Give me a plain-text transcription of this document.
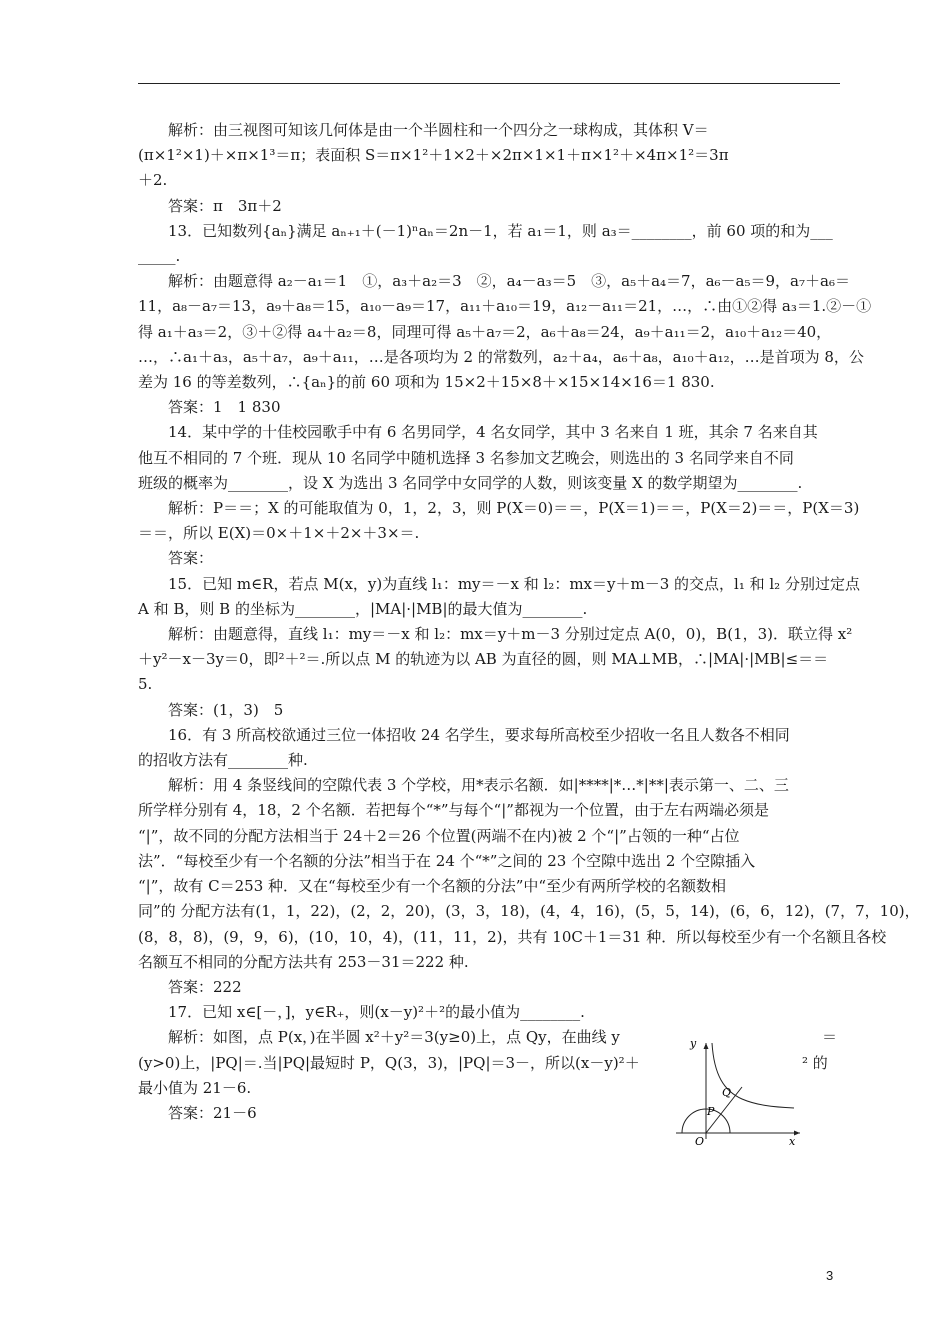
解析：由三视图可知该几何体是由一个半圆柱和一个四分之一球构成，其体积 V＝

(π×1²×1)＋×π×1³＝π；表面积 S＝π×1²＋1×2＋×2π×1×1＋π×1²＋×4π×1²＝3π

＋2.

答案：π　3π＋2

13．已知数列{aₙ}满足 aₙ₊₁＋(－1)ⁿaₙ＝2n－1，若 a₁＝1，则 a₃＝________，前 60 项的和为___

_____.

解析：由题意得 a₂－a₁＝1　①，a₃＋a₂＝3　②，a₄－a₃＝5　③，a₅＋a₄＝7，a₆－a₅＝9，a₇＋a₆＝

11，a₈－a₇＝13，a₉＋a₈＝15，a₁₀－a₉＝17，a₁₁＋a₁₀＝19，a₁₂－a₁₁＝21，…，∴由①②得 a₃＝1.②－①

得 a₁＋a₃＝2，③＋②得 a₄＋a₂＝8，同理可得 a₅＋a₇＝2，a₆＋a₈＝24，a₉＋a₁₁＝2，a₁₀＋a₁₂＝40，

…，∴a₁＋a₃，a₅＋a₇，a₉＋a₁₁，…是各项均为 2 的常数列，a₂＋a₄，a₆＋a₈，a₁₀＋a₁₂，…是首项为 8，公

差为 16 的等差数列，∴{aₙ}的前 60 项和为 15×2＋15×8＋×15×14×16＝1 830.

答案：1　1 830

14．某中学的十佳校园歌手中有 6 名男同学，4 名女同学，其中 3 名来自 1 班，其余 7 名来自其

他互不相同的 7 个班．现从 10 名同学中随机选择 3 名参加文艺晚会，则选出的 3 名同学来自不同

班级的概率为________，设 X 为选出 3 名同学中女同学的人数，则该变量 X 的数学期望为________.

解析：P＝＝；X 的可能取值为 0，1，2，3，则 P(X＝0)＝＝，P(X＝1)＝＝，P(X＝2)＝＝，P(X＝3)

＝＝，所以 E(X)＝0×＋1×＋2×＋3×＝.

答案：

15．已知 m∈R，若点 M(x，y)为直线 l₁：my＝－x 和 l₂：mx＝y＋m－3 的交点，l₁ 和 l₂ 分别过定点

A 和 B，则 B 的坐标为________，|MA|·|MB|的最大值为________.

解析：由题意得，直线 l₁：my＝－x 和 l₂：mx＝y＋m－3 分别过定点 A(0，0)，B(1，3)．联立得 x²

＋y²－x－3y＝0，即²＋²＝.所以点 M 的轨迹为以 AB 为直径的圆，则 MA⊥MB，∴|MA|·|MB|≤＝＝

5.

答案：(1，3)　5

16．有 3 所高校欲通过三位一体招收 24 名学生，要求每所高校至少招收一名且人数各不相同

的招收方法有________种.

解析：用 4 条竖线间的空隙代表 3 个学校，用*表示名额．如|****|*…*|**|表示第一、二、三

所学样分别有 4，18，2 个名额．若把每个“*”与每个“|”都视为一个位置，由于左右两端必须是

“|”，故不同的分配方法相当于 24＋2＝26 个位置(两端不在内)被 2 个“|”占领的一种“占位

法”．“每校至少有一个名额的分法”相当于在 24 个“*”之间的 23 个空隙中选出 2 个空隙插入

“|”，故有 C＝253 种．又在“每校至少有一个名额的分法”中“至少有两所学校的名额数相

同”的 分配方法有(1，1，22)，(2，2，20)，(3，3，18)，(4，4，16)，(5，5，14)，(6，6，12)，(7，7，10)，

(8，8，8)，(9，9，6)，(10，10，4)，(11，11，2)，共有 10C＋1＝31 种．所以每校至少有一个名额且各校

名额互不相同的分配方法共有 253－31＝222 种.

答案：222

17．已知 x∈[－，]，y∈R₊，则(x－y)²＋²的最小值为________.

解析：如图，点 P(x，)在半圆 x²＋y²＝3(y≥0)上，点 Qy，在曲线 y	＝

(y>0)上，|PQ|＝.当|PQ|最短时 P，Q(3，3)，|PQ|＝3－，所以(x－y)²＋	² 的

最小值为 21－6.

答案：21－6

y
x
O
P
Q
3
